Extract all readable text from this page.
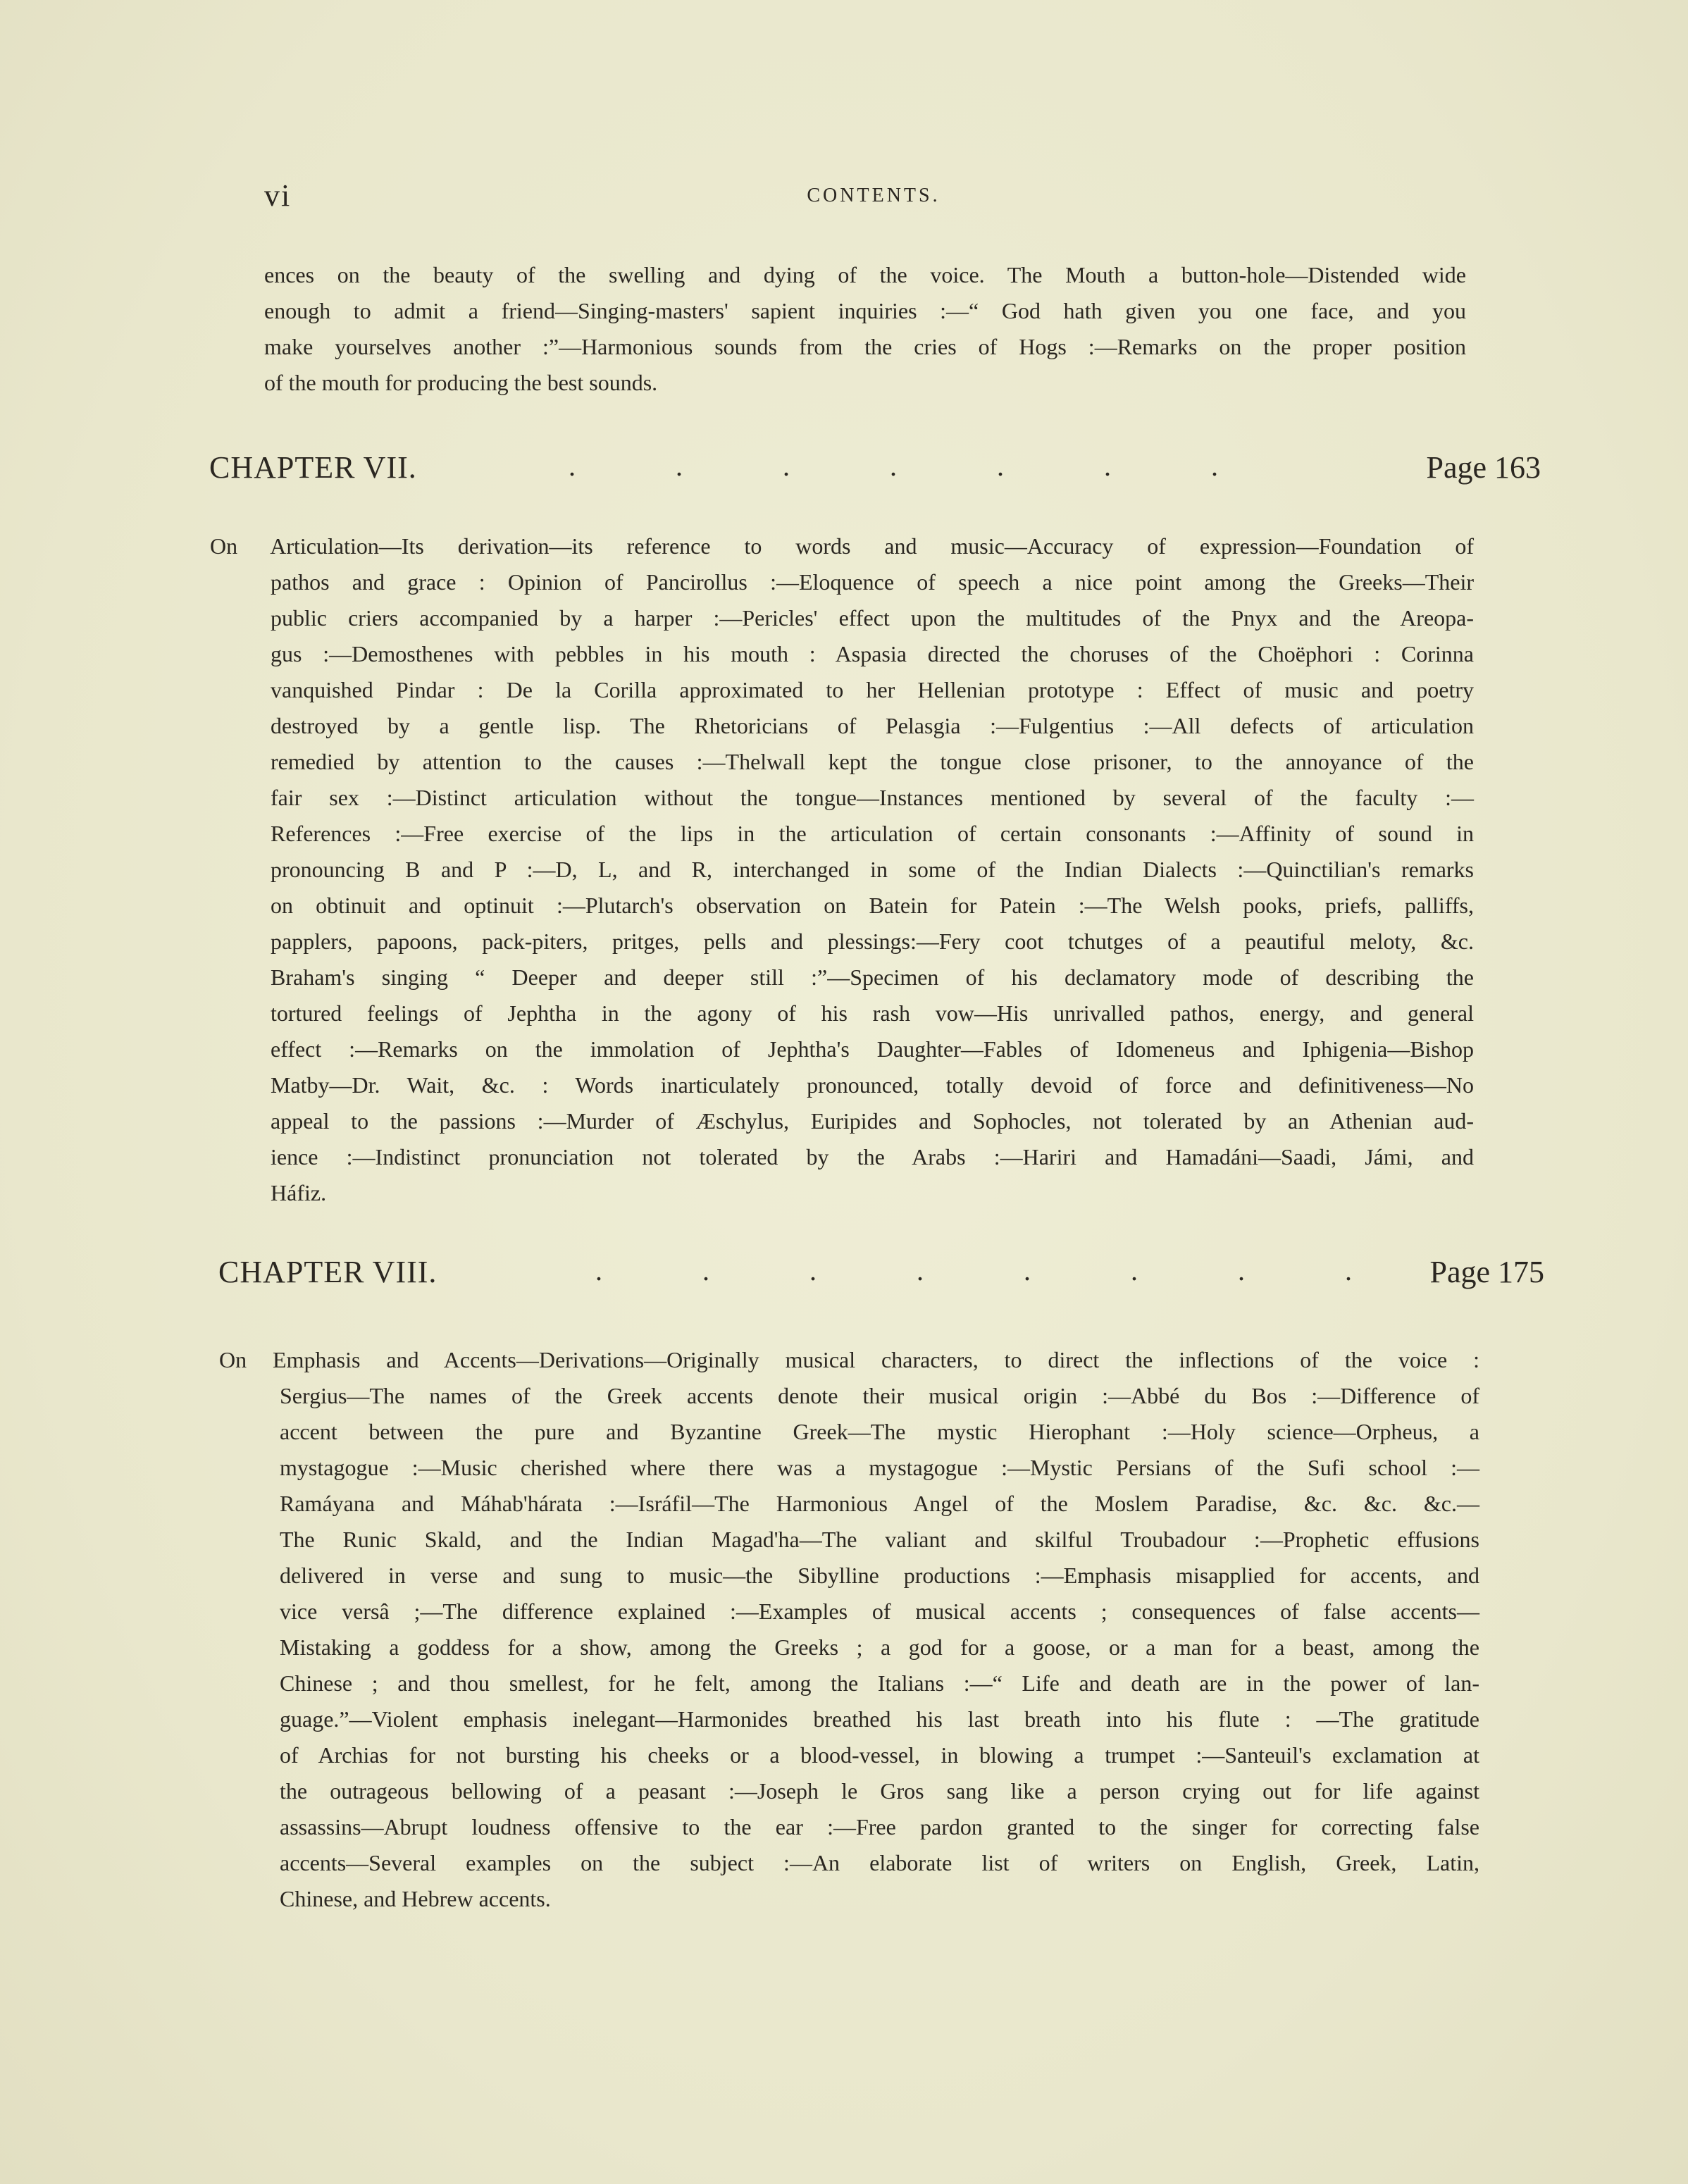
vi	CONTENTS.
ences on the beauty of the swelling and dying of the voice. The Mouth a button-hole—Distended wide
enough to admit a friend—Singing-masters' sapient inquiries :—“ God hath given you one face, and you
make yourselves another :”—Harmonious sounds from the cries of Hogs :—Remarks on the proper position
of the mouth for producing the best sounds.
CHAPTER VII.	. . . . . . .	Page 163
On Articulation—Its derivation—its reference to words and music—Accuracy of expression—Foundation of
pathos and grace : Opinion of Pancirollus :—Eloquence of speech a nice point among the Greeks—Their
public criers accompanied by a harper :—Pericles' effect upon the multitudes of the Pnyx and the Areopa-
gus :—Demosthenes with pebbles in his mouth : Aspasia directed the choruses of the Choëphori : Corinna
vanquished Pindar : De la Corilla approximated to her Hellenian prototype : Effect of music and poetry
destroyed by a gentle lisp. The Rhetoricians of Pelasgia :—Fulgentius :—All defects of articulation
remedied by attention to the causes :—Thelwall kept the tongue close prisoner, to the annoyance of the
fair sex :—Distinct articulation without the tongue—Instances mentioned by several of the faculty :—
References :—Free exercise of the lips in the articulation of certain consonants :—Affinity of sound in
pronouncing B and P :—D, L, and R, interchanged in some of the Indian Dialects :—Quinctilian's remarks
on obtinuit and optinuit :—Plutarch's observation on Batein for Patein :—The Welsh pooks, priefs, palliffs,
papplers, papoons, pack-piters, pritges, pells and plessings:—Fery coot tchutges of a peautiful meloty, &c.
Braham's singing “ Deeper and deeper still :”—Specimen of his declamatory mode of describing the
tortured feelings of Jephtha in the agony of his rash vow—His unrivalled pathos, energy, and general
effect :—Remarks on the immolation of Jephtha's Daughter—Fables of Idomeneus and Iphigenia—Bishop
Matby—Dr. Wait, &c. : Words inarticulately pronounced, totally devoid of force and definitiveness—No
appeal to the passions :—Murder of Æschylus, Euripides and Sophocles, not tolerated by an Athenian aud-
ience :—Indistinct pronunciation not tolerated by the Arabs :—Hariri and Hamadáni—Saadi, Jámi, and
Háfiz.
CHAPTER VIII.	. . . . . . . . Page 175
On Emphasis and Accents—Derivations—Originally musical characters, to direct the inflections of the voice :
Sergius—The names of the Greek accents denote their musical origin :—Abbé du Bos :—Difference of
accent between the pure and Byzantine Greek—The mystic Hierophant :—Holy science—Orpheus, a
mystagogue :—Music cherished where there was a mystagogue :—Mystic Persians of the Sufi school :—
Ramáyana and Máhab'hárata :—Isráfil—The Harmonious Angel of the Moslem Paradise, &c. &c. &c.—
The Runic Skald, and the Indian Magad'ha—The valiant and skilful Troubadour :—Prophetic effusions
delivered in verse and sung to music—the Sibylline productions :—Emphasis misapplied for accents, and
vice versâ ;—The difference explained :—Examples of musical accents ; consequences of false accents—
Mistaking a goddess for a show, among the Greeks ; a god for a goose, or a man for a beast, among the
Chinese ; and thou smellest, for he felt, among the Italians :—“ Life and death are in the power of lan-
guage.”—Violent emphasis inelegant—Harmonides breathed his last breath into his flute : —The gratitude
of Archias for not bursting his cheeks or a blood-vessel, in blowing a trumpet :—Santeuil's exclamation at
the outrageous bellowing of a peasant :—Joseph le Gros sang like a person crying out for life against
assassins—Abrupt loudness offensive to the ear :—Free pardon granted to the singer for correcting false
accents—Several examples on the subject :—An elaborate list of writers on English, Greek, Latin,
Chinese, and Hebrew accents.
